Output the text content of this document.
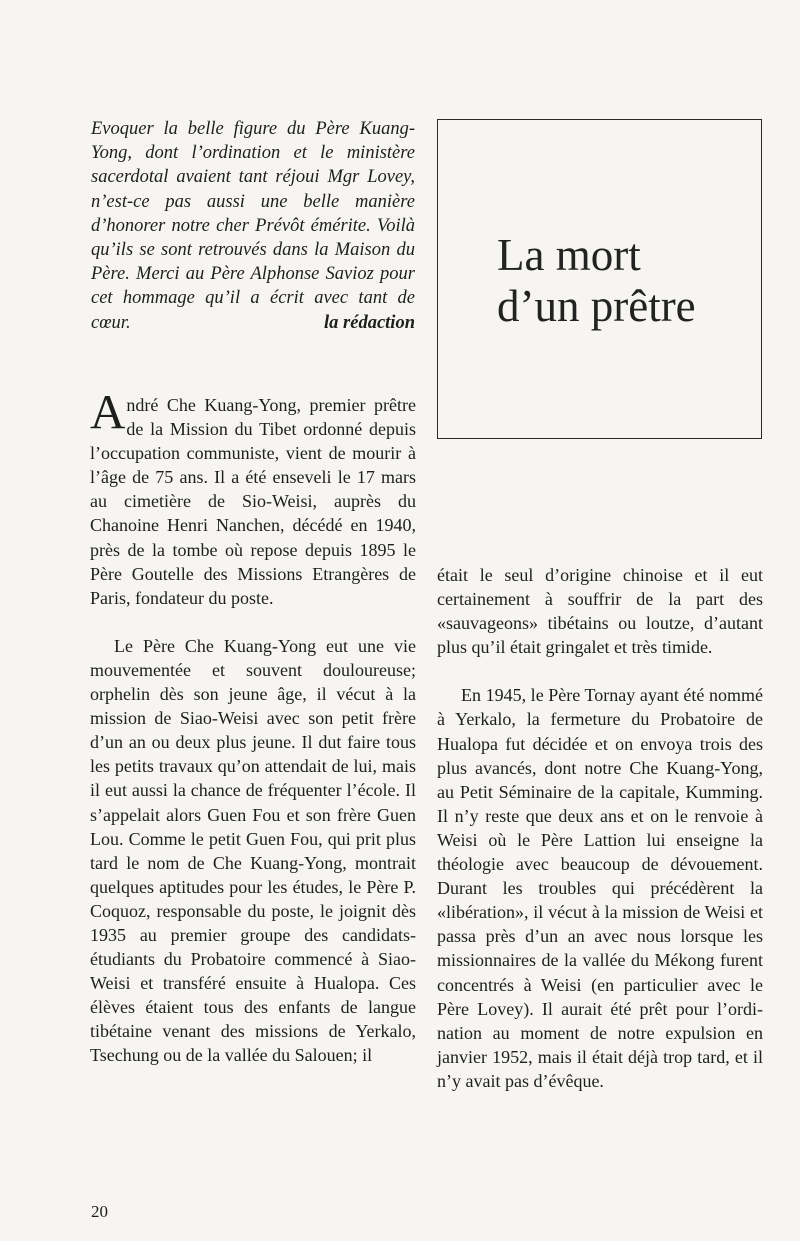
Evoquer la belle figure du Père Kuang-Yong, dont l’ordination et le ministère sacerdotal avaient tant réjoui Mgr Lovey, n’est-ce pas aussi une belle manière d’honorer notre cher Prévôt émérite. Voilà qu’ils se sont retrouvés dans la Maison du Père. Merci au Père Alphonse Savioz pour cet hommage qu’il a écrit avec tant de cœur.	la rédaction

La mort
d’un prêtre

André Che Kuang-Yong, premier prêtre de la Mission du Tibet ordonné depuis l’occupation communiste, vient de mourir à l’âge de 75 ans. Il a été enseveli le 17 mars au cimetière de Sio-Weisi, auprès du Chanoine Henri Nanchen, décédé en 1940, près de la tombe où repose depuis 1895 le Père Goutelle des Missions Etrangères de Paris, fondateur du poste.

Le Père Che Kuang-Yong eut une vie mouvementée et souvent douloureuse; orphelin dès son jeune âge, il vécut à la mission de Siao-Weisi avec son petit frère d’un an ou deux plus jeune. Il dut faire tous les petits travaux qu’on attendait de lui, mais il eut aussi la chance de fréquenter l’école. Il s’appelait alors Guen Fou et son frère Guen Lou. Comme le petit Guen Fou, qui prit plus tard le nom de Che Kuang-Yong, montrait quelques aptitudes pour les études, le Père P. Coquoz, responsable du poste, le joignit dès 1935 au premier groupe des candidats-étudiants du Probatoire commencé à Siao-Weisi et transféré ensuite à Hualopa. Ces élèves étaient tous des enfants de langue tibétaine venant des missions de Yerkalo, Tsechung ou de la vallée du Salouen; il

était le seul d’origine chinoise et il eut certainement à souffrir de la part des «sauvageons» tibétains ou loutze, d’autant plus qu’il était gringalet et très timide.

En 1945, le Père Tornay ayant été nommé à Yerkalo, la fermeture du Probatoire de Hualopa fut décidée et on envoya trois des plus avancés, dont notre Che Kuang-Yong, au Petit Séminaire de la capitale, Kumming. Il n’y reste que deux ans et on le renvoie à Weisi où le Père Lattion lui enseigne la théologie avec beaucoup de dévouement. Durant les troubles qui précédèrent la «libération», il vécut à la mission de Weisi et passa près d’un an avec nous lorsque les missionnaires de la vallée du Mékong furent concentrés à Weisi (en particulier avec le Père Lovey). Il aurait été prêt pour l’ordination au moment de notre expulsion en janvier 1952, mais il était déjà trop tard, et il n’y avait pas d’évêque.

20
